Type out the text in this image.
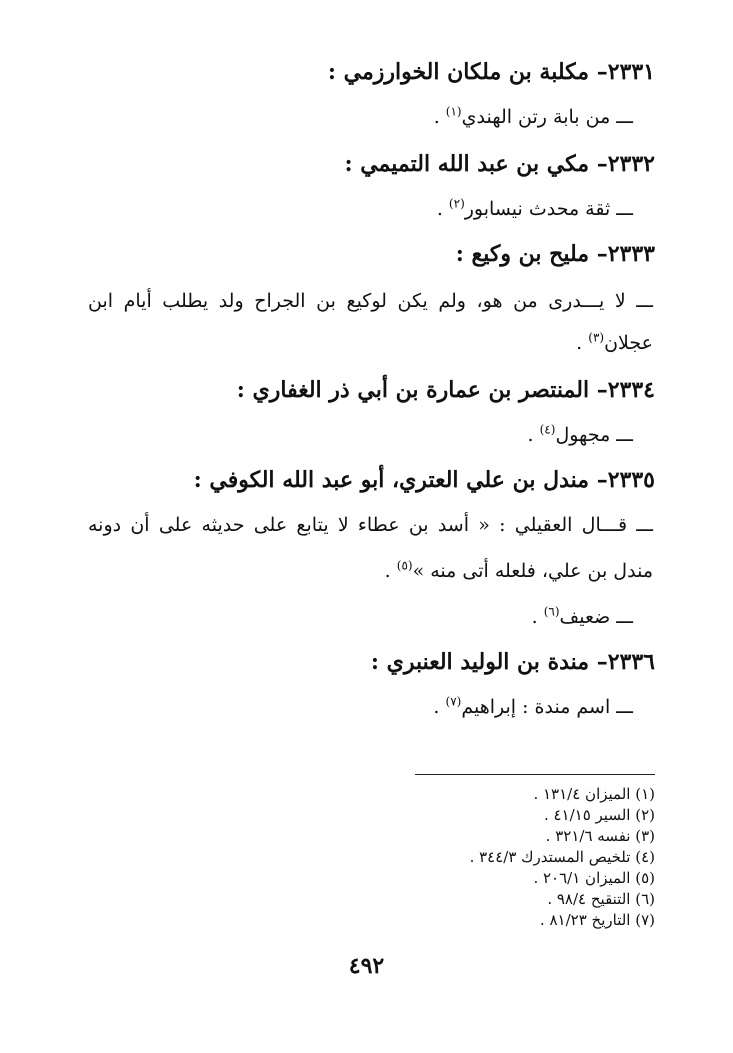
٢٣٣١– مكلبة بن ملكان الخوارزمي :
ـــ من بابة رتن الهندي$^{(١)}$ .
٢٣٣٢– مكي بن عبد الله التميمي :
ـــ ثقة محدث نيسابور$^{(٢)}$ .
٢٣٣٣– مليح بن وكيع :
ـــ لا يـــدرى من هو، ولم يكن لوكيع بن الجراح ولد يطلب أيام ابن
عجلان$^{(٣)}$ .
٢٣٣٤– المنتصر بن عمارة بن أبي ذر الغفاري :
ـــ مجهول$^{(٤)}$ .
٢٣٣٥– مندل بن علي العتري، أبو عبد الله الكوفي :
ـــ قـــال العقيلي : « أسد بن عطاء لا يتابع على حديثه على أن دونه
مندل بن علي، فلعله أتى منه »$^{(٥)}$ .
ـــ ضعيف$^{(٦)}$ .
٢٣٣٦– مندة بن الوليد العنبري :
ـــ اسم مندة : إبراهيم$^{(٧)}$ .
(١) الميزان ١٣١/٤ .
(٢) السير ٤١/١٥ .
(٣) نفسه ٣٢١/٦ .
(٤) تلخيص المستدرك ٣٤٤/٣ .
(٥) الميزان ٢٠٦/١ .
(٦) التنقيح ٩٨/٤ .
(٧) التاريخ ٨١/٢٣ .
٤٩٢
